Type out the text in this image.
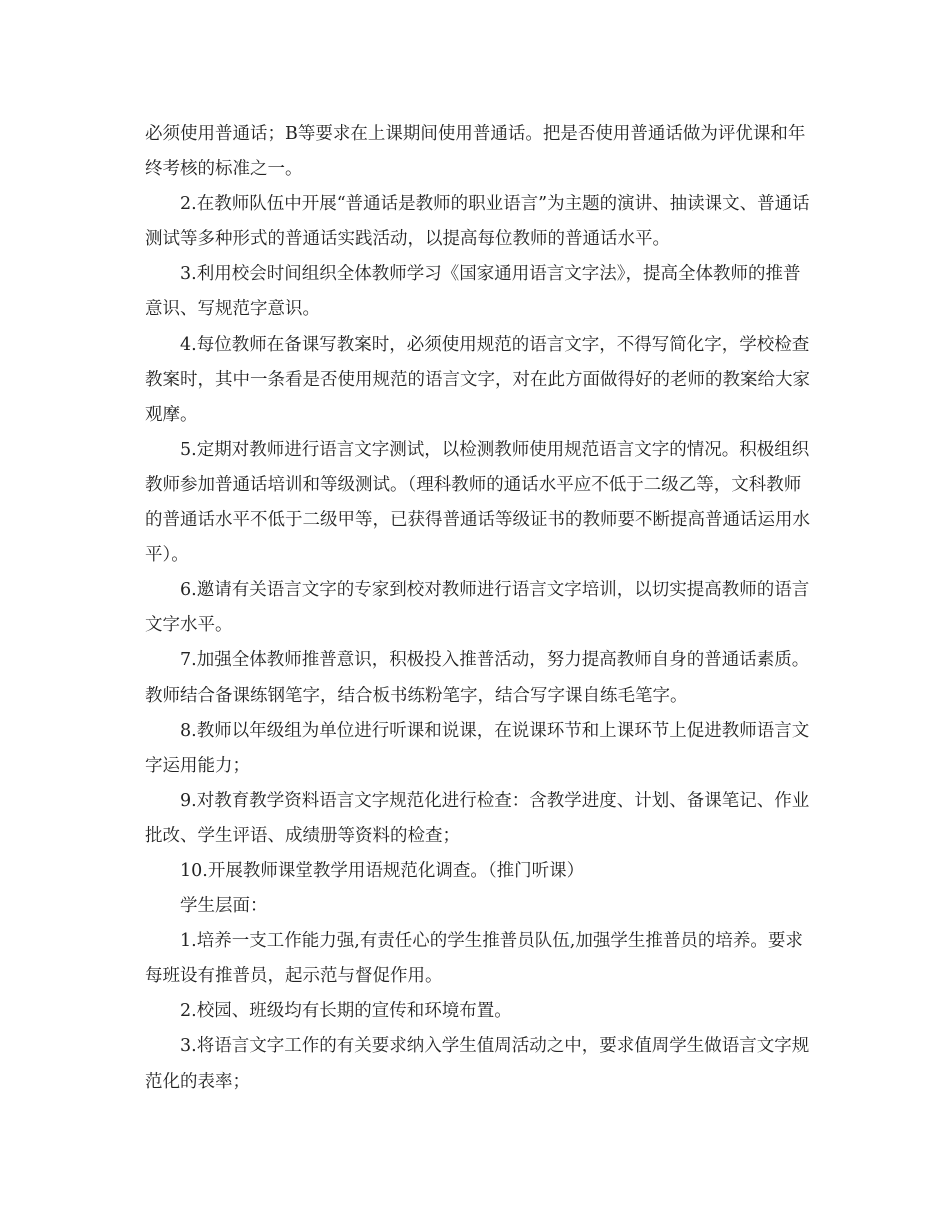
必须使用普通话；B等要求在上课期间使用普通话。把是否使用普通话做为评优课和年终考核的标准之一。

2.在教师队伍中开展“普通话是教师的职业语言”为主题的演讲、抽读课文、普通话测试等多种形式的普通话实践活动，以提高每位教师的普通话水平。

3.利用校会时间组织全体教师学习《国家通用语言文字法》，提高全体教师的推普意识、写规范字意识。

4.每位教师在备课写教案时，必须使用规范的语言文字，不得写简化字，学校检查教案时，其中一条看是否使用规范的语言文字，对在此方面做得好的老师的教案给大家观摩。

5.定期对教师进行语言文字测试，以检测教师使用规范语言文字的情况。积极组织教师参加普通话培训和等级测试。（理科教师的通话水平应不低于二级乙等，文科教师的普通话水平不低于二级甲等，已获得普通话等级证书的教师要不断提高普通话运用水平）。

6.邀请有关语言文字的专家到校对教师进行语言文字培训，以切实提高教师的语言文字水平。

7.加强全体教师推普意识，积极投入推普活动，努力提高教师自身的普通话素质。教师结合备课练钢笔字，结合板书练粉笔字，结合写字课自练毛笔字。

8.教师以年级组为单位进行听课和说课，在说课环节和上课环节上促进教师语言文字运用能力；

9.对教育教学资料语言文字规范化进行检查：含教学进度、计划、备课笔记、作业批改、学生评语、成绩册等资料的检查；

10.开展教师课堂教学用语规范化调查。（推门听课）

学生层面：

1.培养一支工作能力强,有责任心的学生推普员队伍,加强学生推普员的培养。要求每班设有推普员，起示范与督促作用。

2.校园、班级均有长期的宣传和环境布置。

3.将语言文字工作的有关要求纳入学生值周活动之中，要求值周学生做语言文字规范化的表率；
